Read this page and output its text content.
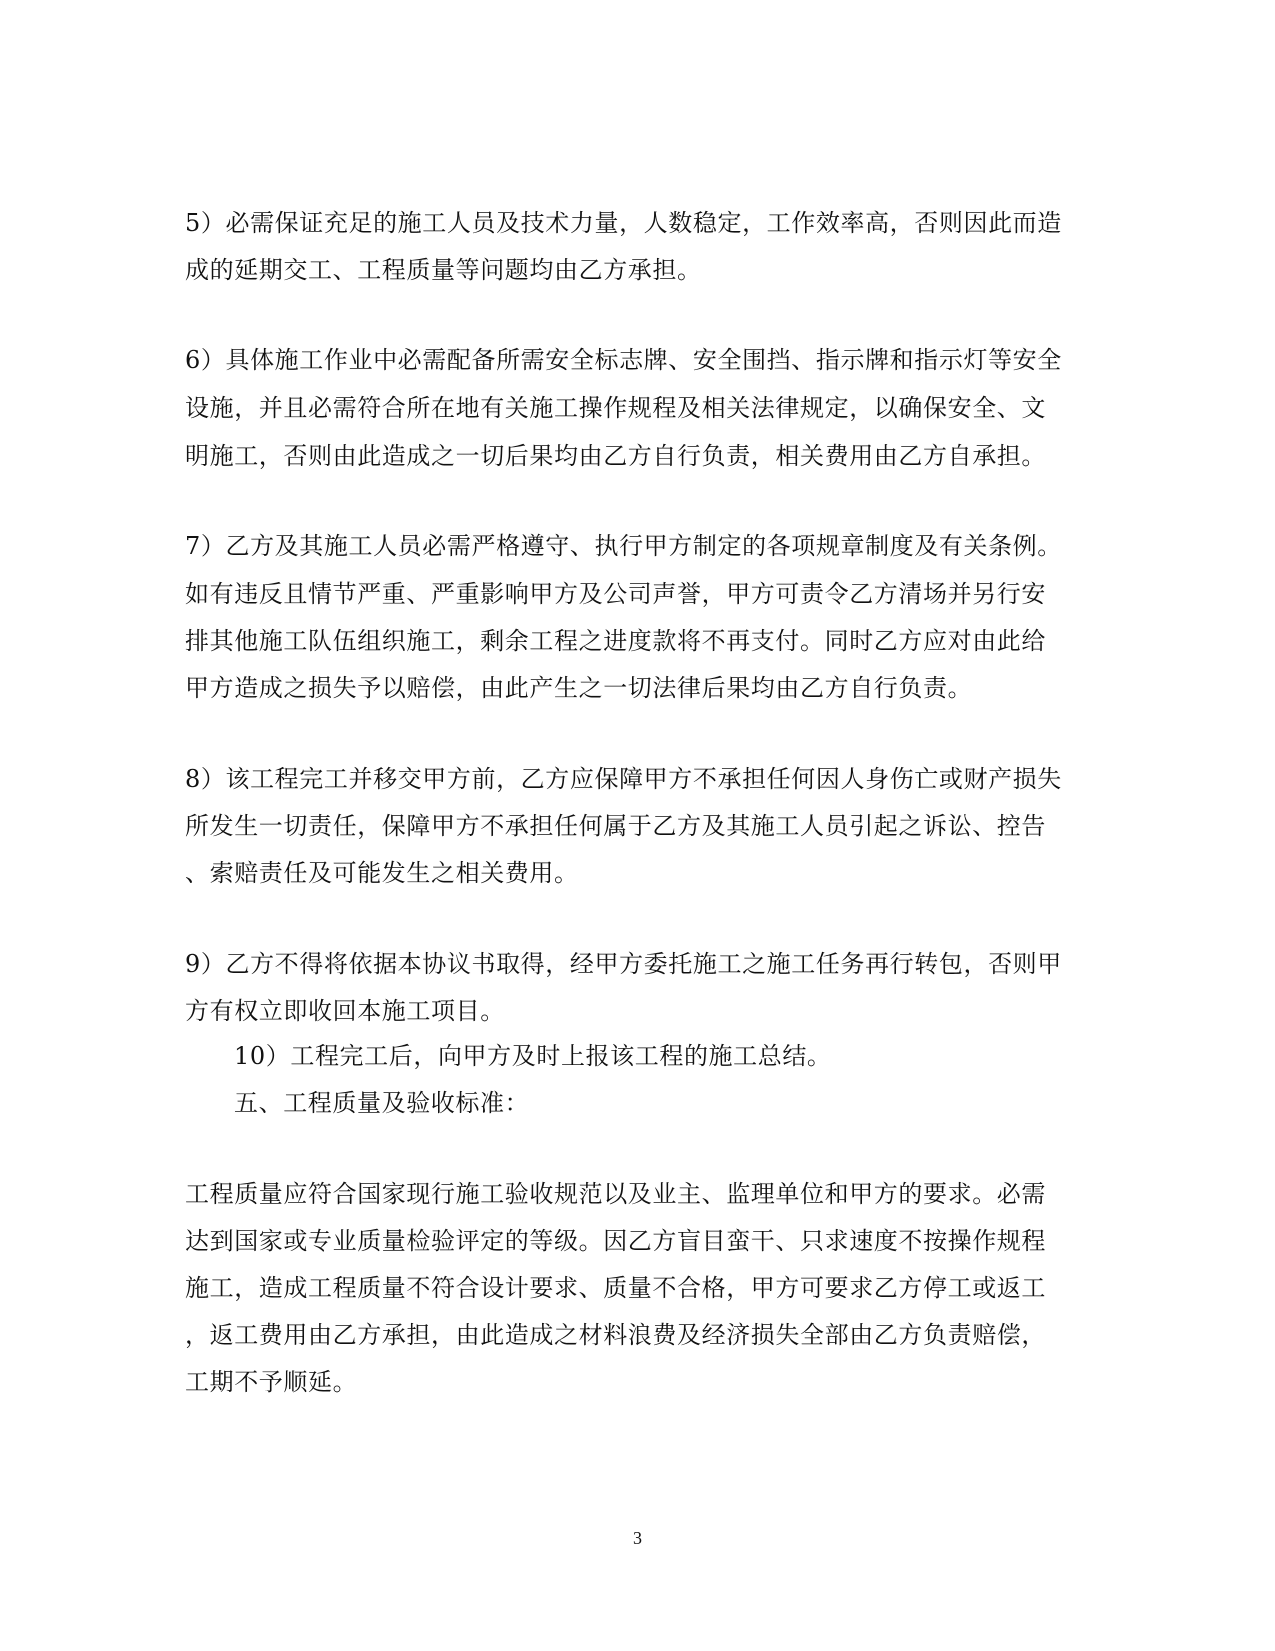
5）必需保证充足的施工人员及技术力量，人数稳定，工作效率高，否则因此而造

成的延期交工、工程质量等问题均由乙方承担。

6）具体施工作业中必需配备所需安全标志牌、安全围挡、指示牌和指示灯等安全

设施，并且必需符合所在地有关施工操作规程及相关法律规定，以确保安全、文

明施工，否则由此造成之一切后果均由乙方自行负责，相关费用由乙方自承担。

7）乙方及其施工人员必需严格遵守、执行甲方制定的各项规章制度及有关条例。

如有违反且情节严重、严重影响甲方及公司声誉，甲方可责令乙方清场并另行安

排其他施工队伍组织施工，剩余工程之进度款将不再支付。同时乙方应对由此给

甲方造成之损失予以赔偿，由此产生之一切法律后果均由乙方自行负责。

8）该工程完工并移交甲方前，乙方应保障甲方不承担任何因人身伤亡或财产损失

所发生一切责任，保障甲方不承担任何属于乙方及其施工人员引起之诉讼、控告

、索赔责任及可能发生之相关费用。

9）乙方不得将依据本协议书取得，经甲方委托施工之施工任务再行转包，否则甲

方有权立即收回本施工项目。

10）工程完工后，向甲方及时上报该工程的施工总结。

五、工程质量及验收标准：

工程质量应符合国家现行施工验收规范以及业主、监理单位和甲方的要求。必需

达到国家或专业质量检验评定的等级。因乙方盲目蛮干、只求速度不按操作规程

施工，造成工程质量不符合设计要求、质量不合格，甲方可要求乙方停工或返工

，返工费用由乙方承担，由此造成之材料浪费及经济损失全部由乙方负责赔偿，

工期不予顺延。

3
